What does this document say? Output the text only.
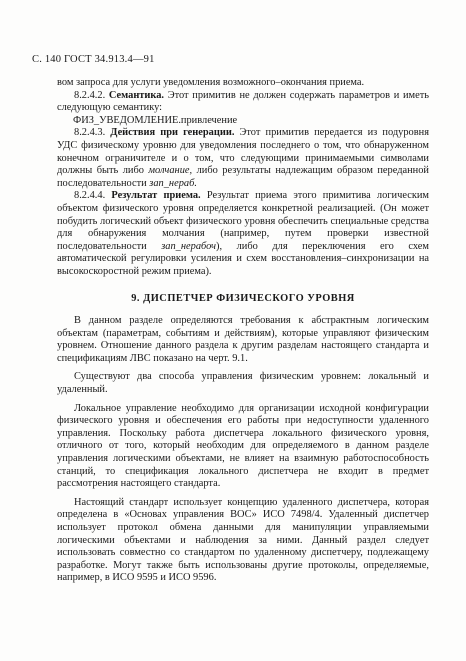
С. 140 ГОСТ 34.913.4—91

вом запроса для услуги уведомления возможного–окончания приема.

8.2.4.2. Семантика. Этот примитив не должен содержать параметров и иметь следующую семантику:

ФИЗ_УВЕДОМЛЕНИЕ.привлечение

8.2.4.3. Действия при генерации. Этот примитив передается из подуровня УДС физическому уровню для уведомления последнего о том, что обнаруженном конечном ограничителе и о том, что следующими принимаемыми символами должны быть либо молчание, либо результаты надлежащим образом переданной последовательности зап_нераб.

8.2.4.4. Результат приема. Результат приема этого примитива логическим объектом физического уровня определяется конкретной реализацией. (Он может побудить логический объект физического уровня обеспечить специальные средства для обнаружения молчания (например, путем проверки известной последовательности зап_нерабоч), либо для переключения его схем автоматической регулировки усиления и схем восстановления–синхронизации на высокоскоростной режим приема).

9. ДИСПЕТЧЕР ФИЗИЧЕСКОГО УРОВНЯ

В данном разделе определяются требования к абстрактным логическим объектам (параметрам, событиям и действиям), которые управляют физическим уровнем. Отношение данного раздела к другим разделам настоящего стандарта и спецификациям ЛВС показано на черт. 9.1.

Существуют два способа управления физическим уровнем: локальный и удаленный.

Локальное управление необходимо для организации исходной конфигурации физического уровня и обеспечения его работы при недоступности удаленного управления. Поскольку работа диспетчера локального физического уровня, отличного от того, который необходим для определяемого в данном разделе управления логическими объектами, не влияет на взаимную работоспособность станций, то спецификация локального диспетчера не входит в предмет рассмотрения настоящего стандарта.

Настоящий стандарт использует концепцию удаленного диспетчера, которая определена в «Основах управления ВОС» ИСО 7498/4. Удаленный диспетчер использует протокол обмена данными для манипуляции управляемыми логическими объектами и наблюдения за ними. Данный раздел следует использовать совместно со стандартом по удаленному диспетчеру, подлежащему разработке. Могут также быть использованы другие протоколы, определяемые, например, в ИСО 9595 и ИСО 9596.
